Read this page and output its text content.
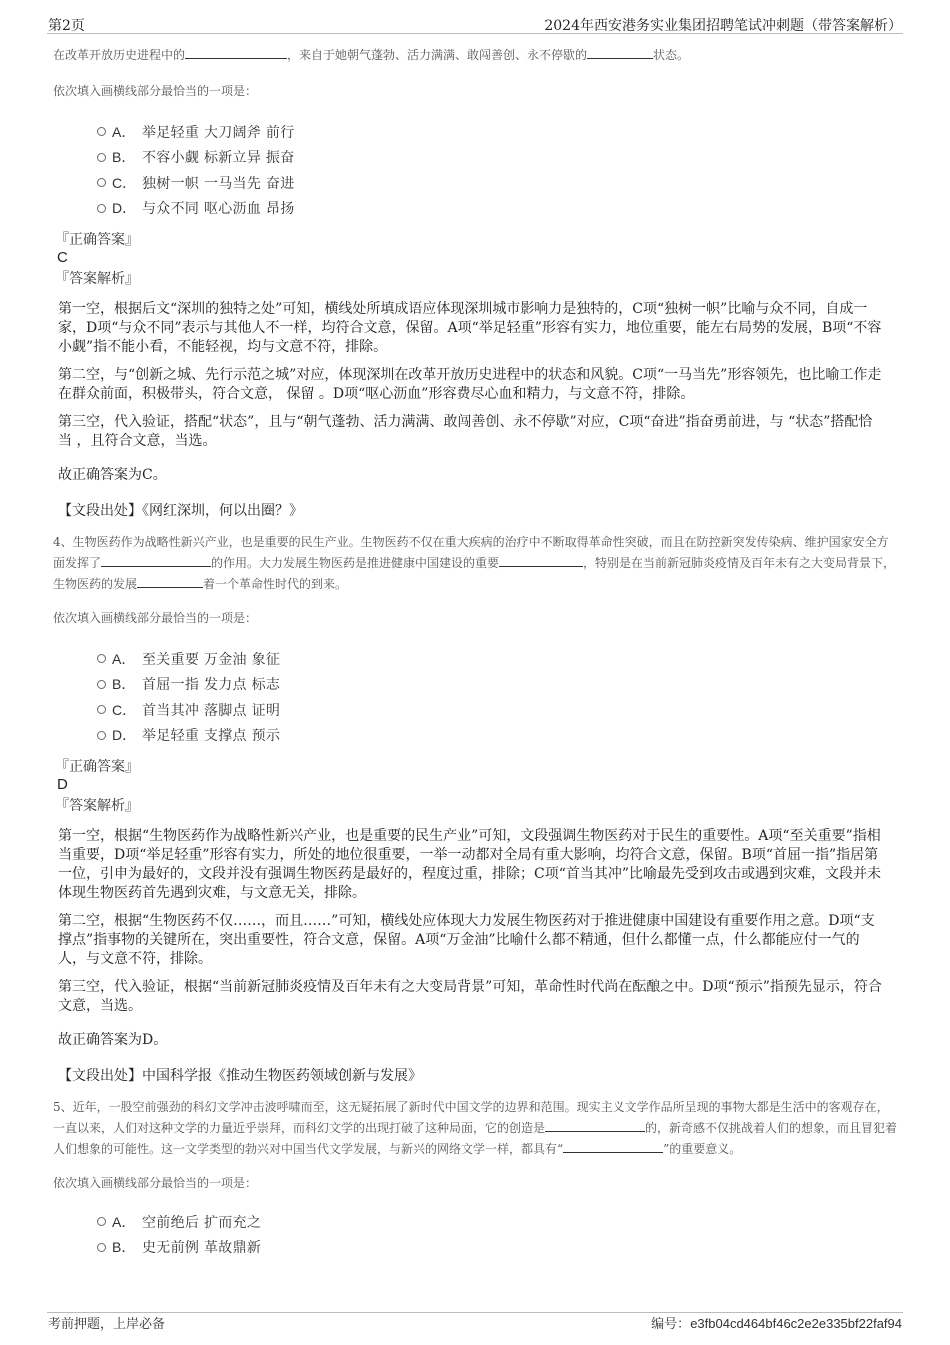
第2页	2024年西安港务实业集团招聘笔试冲刺题（带答案解析）

在改革开放历史进程中的	，来自于她朝气蓬勃、活力满满、敢闯善创、永不停歇的	状态。

依次填入画横线部分最恰当的一项是：
A． 举足轻重 大刀阔斧 前行
B． 不容小觑 标新立异 振奋
C． 独树一帜 一马当先 奋进
D． 与众不同 呕心沥血 昂扬
『正确答案』
C
『答案解析』

第一空，根据后文“深圳的独特之处”可知，横线处所填成语应体现深圳城市影响力是独特的，C项“独树一帜”比喻与众不同，自成一家，D项“与众不同”表示与其他人不一样，均符合文意，保留。A项“举足轻重”形容有实力，地位重要，能左右局势的发展，B项“不容小觑”指不能小看，不能轻视，均与文意不符，排除。

第二空，与“创新之城、先行示范之城”对应，体现深圳在改革开放历史进程中的状态和风貌。C项“一马当先”形容领先，也比喻工作走在群众前面，积极带头，符合文意， 保留 。D项“呕心沥血”形容费尽心血和精力，与文意不符，排除。

第三空，代入验证，搭配“状态”，且与“朝气蓬勃、活力满满、敢闯善创、永不停歇”对应，C项“奋进”指奋勇前进，与 “状态”搭配恰当 ，且符合文意，当选。

故正确答案为C。

【文段出处】《网红深圳，何以出圈？》

4、生物医药作为战略性新兴产业，也是重要的民生产业。生物医药不仅在重大疾病的治疗中不断取得革命性突破，而且在防控新突发传染病、维护国家安全方面发挥了	的作用。大力发展生物医药是推进健康中国建设的重要	，特别是在当前新冠肺炎疫情及百年未有之大变局背景下，生物医药的发展	着一个革命性时代的到来。

依次填入画横线部分最恰当的一项是：
A． 至关重要 万金油 象征
B． 首屈一指 发力点 标志
C． 首当其冲 落脚点 证明
D． 举足轻重 支撑点 预示
『正确答案』
D
『答案解析』

第一空，根据“生物医药作为战略性新兴产业，也是重要的民生产业”可知，文段强调生物医药对于民生的重要性。A项“至关重要”指相当重要，D项“举足轻重”形容有实力，所处的地位很重要，一举一动都对全局有重大影响，均符合文意，保留。B项“首屈一指”指居第一位，引申为最好的，文段并没有强调生物医药是最好的，程度过重，排除；C项“首当其冲”比喻最先受到攻击或遇到灾难，文段并未体现生物医药首先遇到灾难，与文意无关，排除。

第二空，根据“生物医药不仅……，而且……”可知，横线处应体现大力发展生物医药对于推进健康中国建设有重要作用之意。D项“支撑点”指事物的关键所在，突出重要性，符合文意，保留。A项“万金油”比喻什么都不精通，但什么都懂一点，什么都能应付一气的人，与文意不符，排除。

第三空，代入验证，根据“当前新冠肺炎疫情及百年未有之大变局背景”可知，革命性时代尚在酝酿之中。D项“预示”指预先显示，符合文意，当选。

故正确答案为D。

【文段出处】中国科学报《推动生物医药领域创新与发展》

5、近年，一股空前强劲的科幻文学冲击波呼啸而至，这无疑拓展了新时代中国文学的边界和范围。现实主义文学作品所呈现的事物大都是生活中的客观存在，一直以来，人们对这种文学的力量近乎崇拜，而科幻文学的出现打破了这种局面，它的创造是	的，新奇感不仅挑战着人们的想象，而且冒犯着人们想象的可能性。这一文学类型的勃兴对中国当代文学发展，与新兴的网络文学一样，都具有“	”的重要意义。

依次填入画横线部分最恰当的一项是：
A． 空前绝后 扩而充之
B． 史无前例 革故鼎新
考前押题，上岸必备	编号：e3fb04cd464bf46c2e2e335bf22faf94
